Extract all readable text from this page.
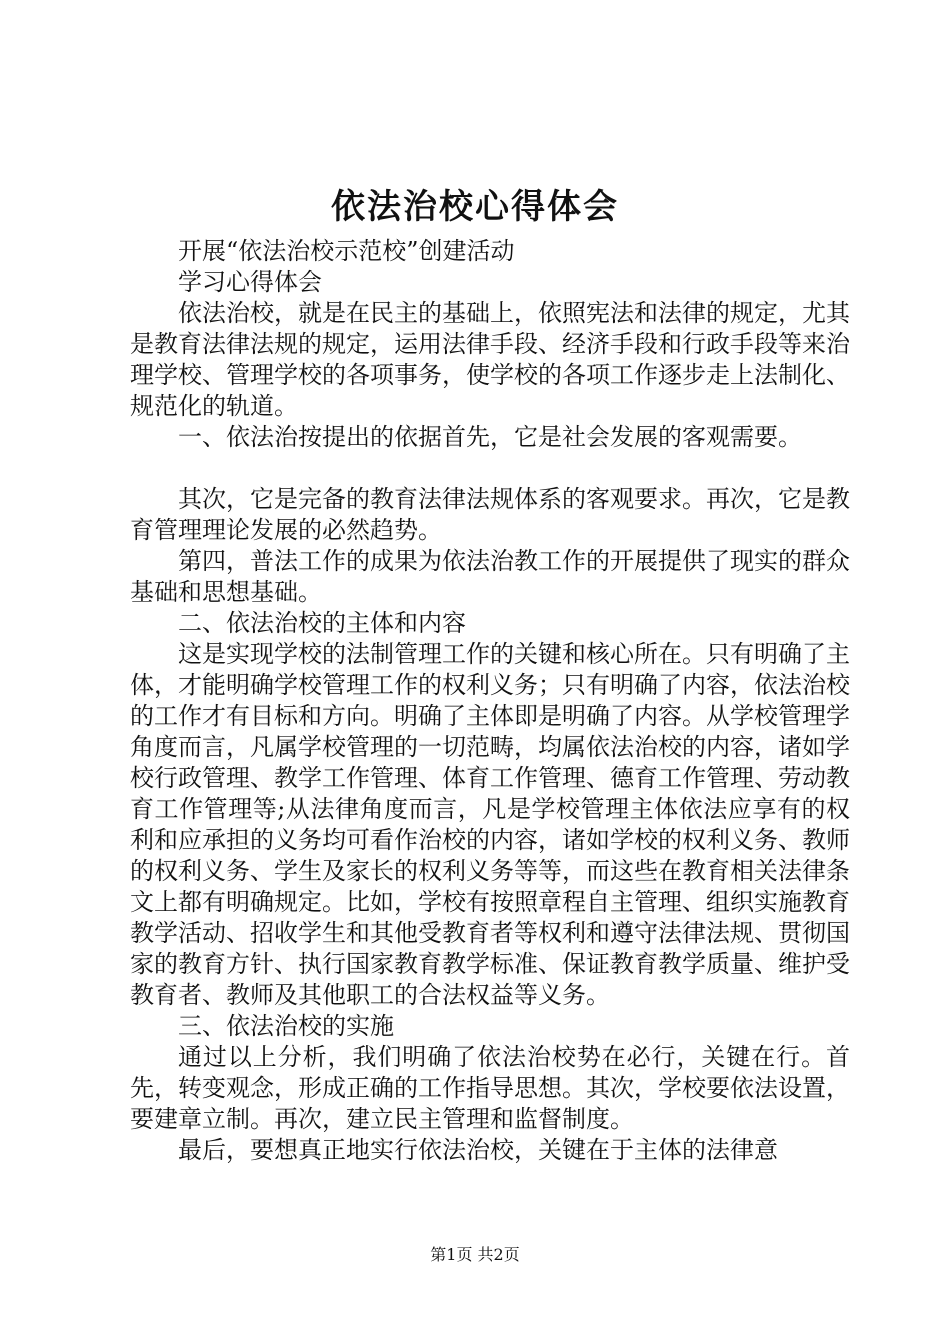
依法治校心得体会

开展“依法治校示范校”创建活动

学习心得体会

依法治校，就是在民主的基础上，依照宪法和法律的规定，尤其是教育法律法规的规定，运用法律手段、经济手段和行政手段等来治理学校、管理学校的各项事务，使学校的各项工作逐步走上法制化、规范化的轨道。

一、依法治按提出的依据首先，它是社会发展的客观需要。

其次，它是完备的教育法律法规体系的客观要求。再次，它是教育管理理论发展的必然趋势。

第四，普法工作的成果为依法治教工作的开展提供了现实的群众基础和思想基础。

二、依法治校的主体和内容

这是实现学校的法制管理工作的关键和核心所在。只有明确了主体，才能明确学校管理工作的权利义务；只有明确了内容，依法治校的工作才有目标和方向。明确了主体即是明确了内容。从学校管理学角度而言，凡属学校管理的一切范畴，均属依法治校的内容，诸如学校行政管理、教学工作管理、体育工作管理、德育工作管理、劳动教育工作管理等;从法律角度而言，凡是学校管理主体依法应享有的权利和应承担的义务均可看作治校的内容，诸如学校的权利义务、教师的权利义务、学生及家长的权利义务等等，而这些在教育相关法律条文上都有明确规定。比如，学校有按照章程自主管理、组织实施教育教学活动、招收学生和其他受教育者等权利和遵守法律法规、贯彻国家的教育方针、执行国家教育教学标准、保证教育教学质量、维护受教育者、教师及其他职工的合法权益等义务。

三、依法治校的实施

通过以上分析，我们明确了依法治校势在必行，关键在行。首先，转变观念，形成正确的工作指导思想。其次，学校要依法设置，要建章立制。再次，建立民主管理和监督制度。

最后，要想真正地实行依法治校，关键在于主体的法律意

第1页 共2页
